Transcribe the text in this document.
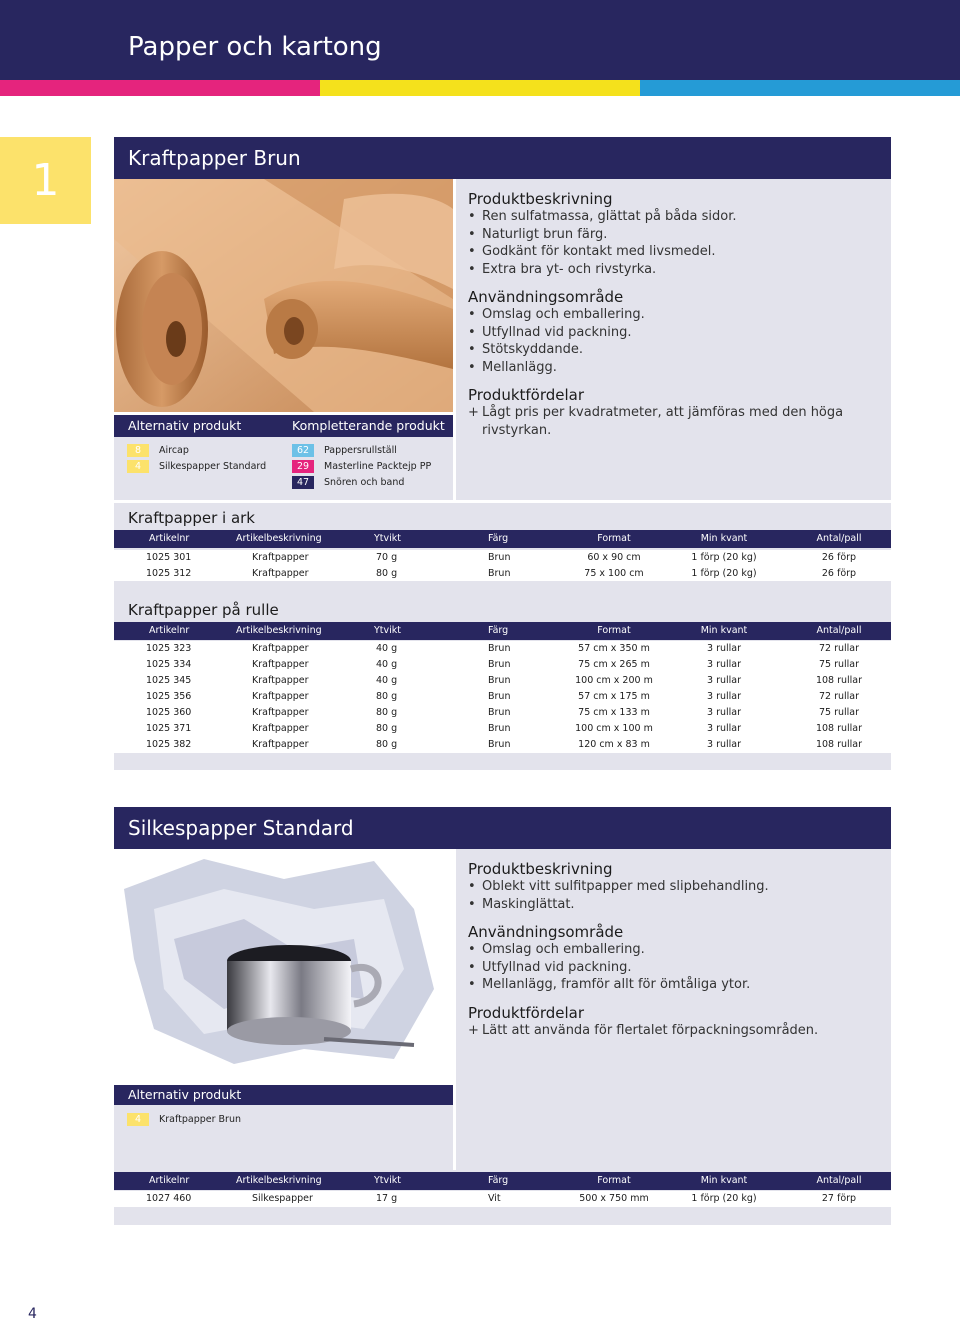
Papper och kartong
1	Kraftpapper Brun
Produktbeskrivning
• Ren sulfatmassa, glättat på båda sidor.
• Naturligt brun färg.
• Godkänt för kontakt med livsmedel.
• Extra bra yt- och rivstyrka.
Användningsområde
• Omslag och emballering.
• Utfyllnad vid packning.
• Stötskyddande.
• Mellanlägg.
Produktfördelar
+ Lågt pris per kvadratmeter, att jämföras med den höga rivstyrkan.
Alternativ produkt	Kompletterande produkt
8 Aircap
4 Silkespapper Standard
62 Pappersrullställ
29 Masterline Packtejp PP
47 Snören och band
Kraftpapper i ark
Artikelnr	Artikelbeskrivning	Ytvikt	Färg	Format	Min kvant	Antal/pall
1025 301	Kraftpapper	70 g	Brun	60 x 90 cm	1 förp (20 kg)	26 förp
1025 312	Kraftpapper	80 g	Brun	75 x 100 cm	1 förp (20 kg)	26 förp
Kraftpapper på rulle
Artikelnr	Artikelbeskrivning	Ytvikt	Färg	Format	Min kvant	Antal/pall
1025 323	Kraftpapper	40 g	Brun	57 cm x 350 m	3 rullar	72 rullar
1025 334	Kraftpapper	40 g	Brun	75 cm x 265 m	3 rullar	75 rullar
1025 345	Kraftpapper	40 g	Brun	100 cm x 200 m	3 rullar	108 rullar
1025 356	Kraftpapper	80 g	Brun	57 cm x 175 m	3 rullar	72 rullar
1025 360	Kraftpapper	80 g	Brun	75 cm x 133 m	3 rullar	75 rullar
1025 371	Kraftpapper	80 g	Brun	100 cm x 100 m	3 rullar	108 rullar
1025 382	Kraftpapper	80 g	Brun	120 cm x 83 m	3 rullar	108 rullar
Silkespapper Standard
Produktbeskrivning
• Oblekt vitt sulfitpapper med slipbehandling.
• Maskinglättat.
Användningsområde
• Omslag och emballering.
• Utfyllnad vid packning.
• Mellanlägg, framför allt för ömtåliga ytor.
Produktfördelar
+ Lätt att använda för flertalet förpackningsområden.
Alternativ produkt
4 Kraftpapper Brun
Artikelnr	Artikelbeskrivning	Ytvikt	Färg	Format	Min kvant	Antal/pall
1027 460	Silkespapper	17 g	Vit	500 x 750 mm	1 förp (20 kg)	27 förp
4
